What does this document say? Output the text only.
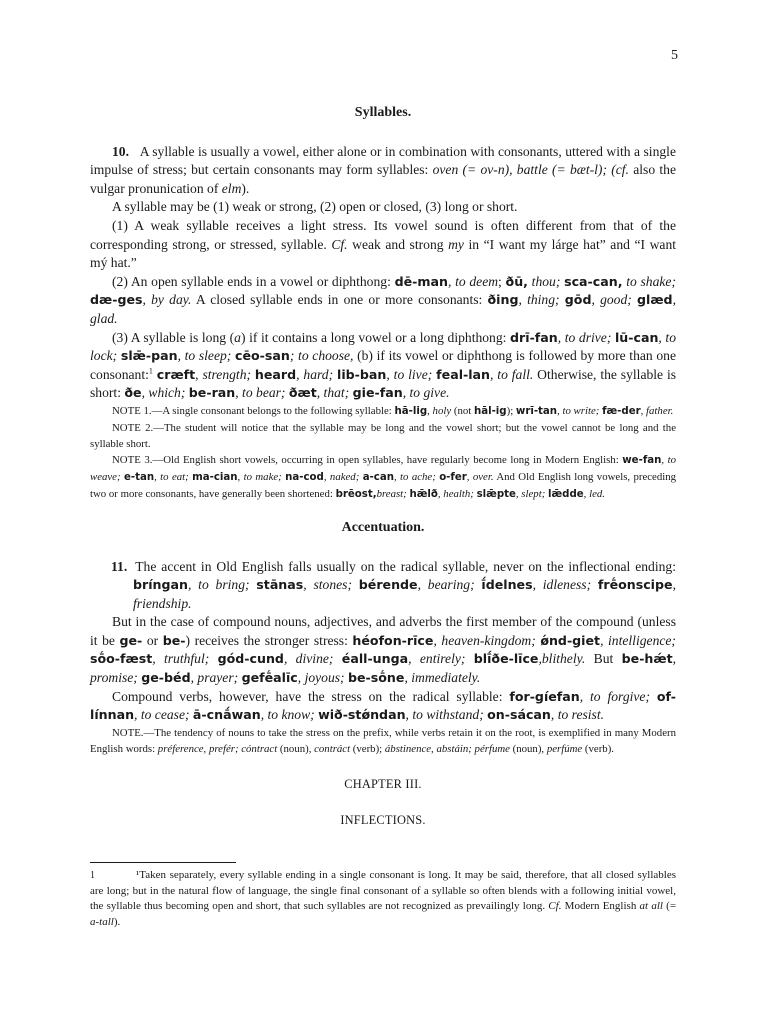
5
Syllables.

10. A syllable is usually a vowel, either alone or in combination with consonants, uttered with a single impulse of stress; but certain consonants may form syllables: oven (= ov-n), battle (= bæt-l); (cf. also the vulgar pronunication of elm).

A syllable may be (1) weak or strong, (2) open or closed, (3) long or short.

(1) A weak syllable receives a light stress. Its vowel sound is often different from that of the corresponding strong, or stressed, syllable. Cf. weak and strong my in “I want my lárge hat” and “I want mý hat.”

(2) An open syllable ends in a vowel or diphthong: dē-man, to deem; ðū, thou; sca-can, to shake; dæ-ges, by day. A closed syllable ends in one or more consonants: ðing, thing; gōd, good; glæd, glad.

(3) A syllable is long (a) if it contains a long vowel or a long diphthong: drī-fan, to drive; lū-can, to lock; slǣ-pan, to sleep; cēo-san; to choose, (b) if its vowel or diphthong is followed by more than one consonant:$^1$ cræft, strength; heard, hard; lib-ban, to live; feal-lan, to fall. Otherwise, the syllable is short: ðe, which; be-ran, to bear; ðæt, that; gie-fan, to give.

NOTE 1.—A single consonant belongs to the following syllable: hā-lig, holy (not hāl-ig); wrī-tan, to write; fæ-der, father.

NOTE 2.—The student will notice that the syllable may be long and the vowel short; but the vowel cannot be long and the syllable short.

NOTE 3.—Old English short vowels, occurring in open syllables, have regularly become long in Modern English: we-fan, to weave; e-tan, to eat; ma-cian, to make; na-cod, naked; a-can, to ache; o-fer, over. And Old English long vowels, preceding two or more consonants, have generally been shortened: brēost,breast; hǣlð, health; slǣpte, slept; lǣdde, led.

Accentuation.

11. The accent in Old English falls usually on the radical syllable, never on the inflectional ending: bríngan, to bring; stānas, stones; bérende, bearing; ī́delnes, idleness; frḗonscipe, friendship.

But in the case of compound nouns, adjectives, and adverbs the first member of the compound (unless it be ge- or be-) receives the stronger stress: héofon-rīce, heaven-kingdom; ǿnd-giet, intelligence; sṓo-fæst, truthful; gód-cund, divine; éall-unga, entirely; blī́ðe-līce,blithely. But be-hǽt, promise; ge-béd, prayer; gefḗalīc, joyous; be-sṓne, immediately.

Compound verbs, however, have the stress on the radical syllable: for-gíefan, to forgive; of-línnan, to cease; ā-cnā́wan, to know; wið-stǿndan, to withstand; on-sácan, to resist.

NOTE.—The tendency of nouns to take the stress on the prefix, while verbs retain it on the root, is exemplified in many Modern English words: préference, prefér; cóntract (noun), contráct (verb); ábstinence, abstáin; pérfume (noun), perfúme (verb).

CHAPTER III.
INFLECTIONS.
1	¹Taken separately, every syllable ending in a single consonant is long. It may be said, therefore, that all closed syllables are long; but in the natural flow of language, the single final consonant of a syllable so often blends with a following initial vowel, the syllable thus becoming open and short, that such syllables are not recognized as prevailingly long. Cf. Modern English at all (= a-tall).
